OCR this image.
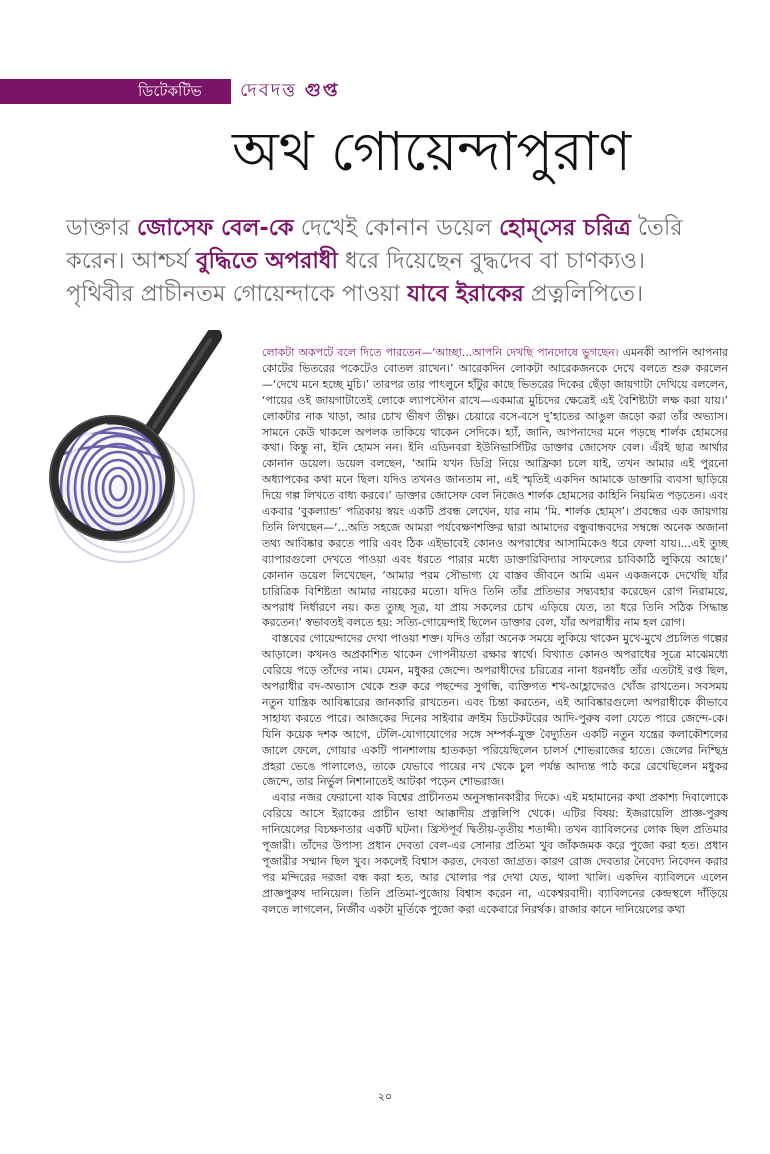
ডিটেকটিভ দেবদত্ত গুপ্ত
অথ গোয়েন্দাপুরাণ
ডাক্তার জোসেফ বেল-কে দেখেই কোনান ডয়েল হোম্‌সের চরিত্র তৈরি করেন। আশ্চর্য বুদ্ধিতে অপরাধী ধরে দিয়েছেন বুদ্ধদেব বা চাণক্যও। পৃথিবীর প্রাচীনতম গোয়েন্দাকে পাওয়া যাবে ইরাকের প্রত্নলিপিতে।

লোকটা অকপটে বলে দিতে পারতেন—‘আচ্ছা...আপনি দেখছি পানদোষে ভুগছেন। এমনকী আপনি আপনার কোটের ভিতরের পকেটেও বোতল রাখেন।’ আরেকদিন লোকটা আরেকজনকে দেখে বলতে শুরু করলেন—‘দেখে মনে হচ্ছে মুচি।’ তারপর তার পাৎলুনে হাঁটুর কাছে ভিতরের দিকের ছেঁড়া জায়গাটা দেখিয়ে বললেন, ‘পায়ের ওই জায়গাটাতেই লোকে ল্যাপস্টোন রাখে—একমাত্র মুচিদের ক্ষেত্রেই এই বৈশিষ্ট্যটা লক্ষ করা যায়।’ লোকটার নাক খাড়া, আর চোখ ভীষণ তীক্ষ্ণ। চেয়ারে বসে-বসে দু’হাতের আঙুল জড়ো করা তাঁর অভ্যাস। সামনে কেউ থাকলে অপলক তাকিয়ে থাকেন সেদিকে। হ্যাঁ, জানি, আপনাদের মনে পড়ছে শার্লক হোমসের কথা। কিন্তু না, ইনি হোমস নন। ইনি এডিনবরা ইউনিভার্সিটির ডাক্তার জোসেফ বেল। এঁরই ছাত্র আর্থার কোনান ডয়েল। ডয়েল বলছেন, ‘আমি যখন ডিগ্রি নিয়ে আফ্রিকা চলে যাই, তখন আমার এই পুরনো অধ্যাপকের কথা মনে ছিল। যদিও তখনও জানতাম না, এই স্মৃতিই একদিন আমাকে ডাক্তারি ব্যবসা ছাড়িয়ে দিয়ে গল্প লিখতে বাধ্য করবে।’ ডাক্তার জোসেফ বেল নিজেও শার্লক হোমসের কাহিনি নিয়মিত পড়তেন। এবং একবার ‘বুকল্যান্ড’ পত্রিকায় স্বয়ং একটি প্রবন্ধ লেখেন, যার নাম ‘মি. শার্লক হোম্‌স’। প্রবন্ধের এক জায়গায় তিনি লিখছেন—‘...অতি সহজে আমরা পর্যবেক্ষণশক্তির দ্বারা আমাদের বন্ধুবান্ধবদের সম্বন্ধে অনেক অজানা তথ্য আবিষ্কার করতে পারি এবং ঠিক এইভাবেই কোনও অপরাধের আসামিকেও ধরে ফেলা যায়।...এই তুচ্ছ ব্যাপারগুলো দেখতে পাওয়া এবং ধরতে পারার মধ্যে ডাক্তারিবিদ্যার সাফল্যের চাবিকাঠি লুকিয়ে আছে।’ কোনান ডয়েল লিখেছেন, ‘আমার পরম সৌভাগ্য যে বাস্তব জীবনে আমি এমন একজনকে দেখেছি যাঁর চারিত্রিক বিশিষ্টতা আমার নায়কের মতো। যদিও তিনি তাঁর প্রতিভার সদ্ব্যবহার করেছেন রোগ নিরাময়ে, অপরাধ নির্ধারণে নয়। কত তুচ্ছ সূত্র, যা প্রায় সকলের চোখ এড়িয়ে যেত, তা ধরে তিনি সঠিক সিদ্ধান্ত করতেন।’ স্বভাবতই বলতে হয়: সত্যি-গোয়েন্দাই ছিলেন ডাক্তার বেল, যাঁর অপরাধীর নাম হল রোগ।

বাস্তবের গোয়েন্দাদের দেখা পাওয়া শক্ত। যদিও তাঁরা অনেক সময়ে লুকিয়ে থাকেন মুখে-মুখে প্রচলিত গল্পের আড়ালে। কখনও অপ্রকাশিত থাকেন গোপনীয়তা রক্ষার স্বার্থে। বিখ্যাত কোনও অপরাধের সূত্রে মাঝেমধ্যে বেরিয়ে পড়ে তাঁদের নাম। যেমন, মধুকর জেন্দে। অপরাধীদের চরিত্রের নানা ধরনধাঁচ তাঁর এতটাই রপ্ত ছিল, অপরাধীর বদ-অভ্যাস থেকে শুরু করে পছন্দের সুগন্ধি, ব্যক্তিগত শখ-আহ্লাদেরও খোঁজ রাখতেন। সবসময় নতুন যান্ত্রিক আবিষ্কারের জানকারি রাখতেন। এবং চিন্তা করতেন, এই আবিষ্কারগুলো অপরাধীকে কীভাবে সাহায্য করতে পারে। আজকের দিনের সাইবার ক্রাইম ডিটেকটরের আদি-পুরুষ বলা যেতে পারে জেন্দে-কে। যিনি কয়েক দশক আগে, টেলি-যোগাযোগের সঙ্গে সম্পর্ক-যুক্ত বৈদ্যুতিন একটি নতুন যন্ত্রের কলাকৌশলের জালে ফেলে, গোয়ার একটি পানশালায় হাতকড়া পরিয়েছিলেন চালর্স শোভরাজের হাতে। জেলের নিশ্ছিদ্র প্রহরা ভেঙে পালালেও, তাকে যেভাবে পায়ের নখ থেকে চুল পর্যন্ত আদ্যন্ত পাঠ করে রেখেছিলেন মধুকর জেন্দে, তার নির্ভুল নিশানাতেই আটকা পড়েন শোভরাজ।

এবার নজর ফেরানো যাক বিশ্বের প্রাচীনতম অনুসন্ধানকারীর দিকে। এই মহামানের কথা প্রকাশ্য দিবালোকে বেরিয়ে আসে ইরাকের প্রাচীন ভাষা আক্কাদীয় প্রত্নলিপি থেকে। এটির বিষয়: ইজরায়েলি প্রাজ্ঞ-পুরুষ দানিয়েলের বিচক্ষণতার একটি ঘটনা। খ্রিস্টপূর্ব দ্বিতীয়-তৃতীয় শতাব্দী। তখন ব্যাবিলনের লোক ছিল প্রতিমার পূজারী। তাঁদের উপাস্য প্রধান দেবতা বেল-এর সোনার প্রতিমা খুব জাঁকজমক করে পুজো করা হত। প্রধান পূজারীর সম্মান ছিল খুব। সকলেই বিশ্বাস করত, দেবতা জাগ্রত। কারণ রোজ দেবতার নৈবেদ্য নিবেদন করার পর মন্দিরের দরজা বন্ধ করা হত, আর খোলার পর দেখা যেত, থালা খালি। একদিন ব্যাবিলনে এলেন প্রাজ্ঞপুরুষ দানিয়েল। তিনি প্রতিমা-পুজোয় বিশ্বাস করেন না, একেশ্বরবাদী। ব্যাবিলনের কেন্দ্রস্থলে দাঁড়িয়ে বলতে লাগলেন, নির্জীব একটা মূর্তিকে পুজো করা একেবারে নিরর্থক। রাজার কানে দানিয়েলের কথা

২০
